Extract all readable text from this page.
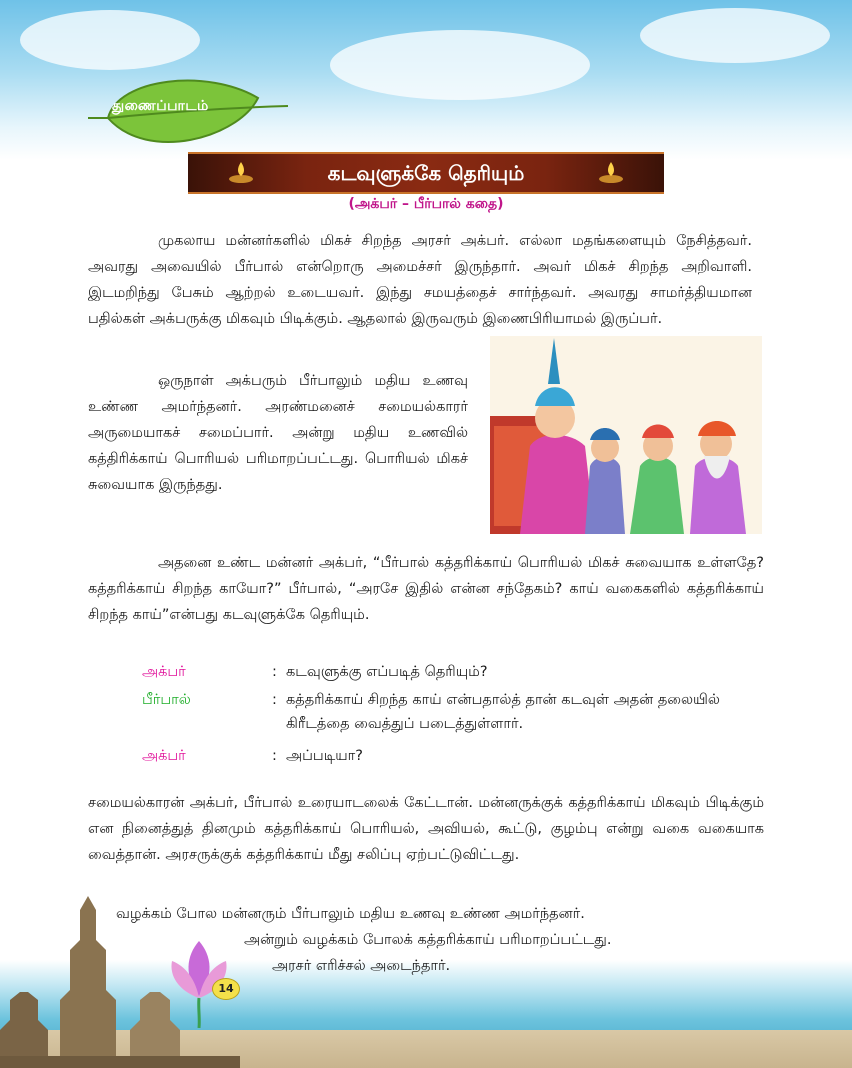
துணைப்பாடம்
கடவுளுக்கே தெரியும்
(அக்பர் – பீர்பால் கதை)

முகலாய மன்னர்களில் மிகச் சிறந்த அரசர் அக்பர். எல்லா மதங்களையும் நேசித்தவர். அவரது அவையில் பீர்பால் என்றொரு அமைச்சர் இருந்தார். அவர் மிகச் சிறந்த அறிவாளி. இடமறிந்து பேசும் ஆற்றல் உடையவர். இந்து சமயத்தைச் சார்ந்தவர். அவரது சாமர்த்தியமான பதில்கள் அக்பருக்கு மிகவும் பிடிக்கும். ஆதலால் இருவரும் இணைபிரியாமல் இருப்பர்.

ஒருநாள் அக்பரும் பீர்பாலும் மதிய உணவு உண்ண அமர்ந்தனர். அரண்மனைச் சமையல்காரர் அருமையாகச் சமைப்பார். அன்று மதிய உணவில் கத்திரிக்காய் பொரியல் பரிமாறப்பட்டது. பொரியல் மிகச் சுவையாக இருந்தது.

அதனை உண்ட மன்னர் அக்பர், “பீர்பால் கத்தரிக்காய் பொரியல் மிகச் சுவையாக உள்ளதே? கத்தரிக்காய் சிறந்த காயோ?” பீர்பால், “அரசே இதில் என்ன சந்தேகம்? காய் வகைகளில் கத்தரிக்காய் சிறந்த காய்”என்பது கடவுளுக்கே தெரியும்.

அக்பர்	: கடவுளுக்கு எப்படித் தெரியும்?
பீர்பால்	: கத்தரிக்காய் சிறந்த காய் என்பதால்த் தான் கடவுள் அதன் தலையில் கிரீடத்தை வைத்துப் படைத்துள்ளார்.
அக்பர்	: அப்படியா?

சமையல்காரன் அக்பர், பீர்பால் உரையாடலைக் கேட்டான். மன்னருக்குக் கத்தரிக்காய் மிகவும் பிடிக்கும் என நினைத்துத் தினமும் கத்தரிக்காய் பொரியல், அவியல், கூட்டு, குழம்பு என்று வகை வகையாக வைத்தான். அரசருக்குக் கத்தரிக்காய் மீது சலிப்பு ஏற்பட்டுவிட்டது.

14
வழக்கம் போல மன்னரும் பீர்பாலும் மதிய உணவு உண்ண அமர்ந்தனர்.
அன்றும் வழக்கம் போலக் கத்தரிக்காய் பரிமாறப்பட்டது.
அரசர் எரிச்சல் அடைந்தார்.
